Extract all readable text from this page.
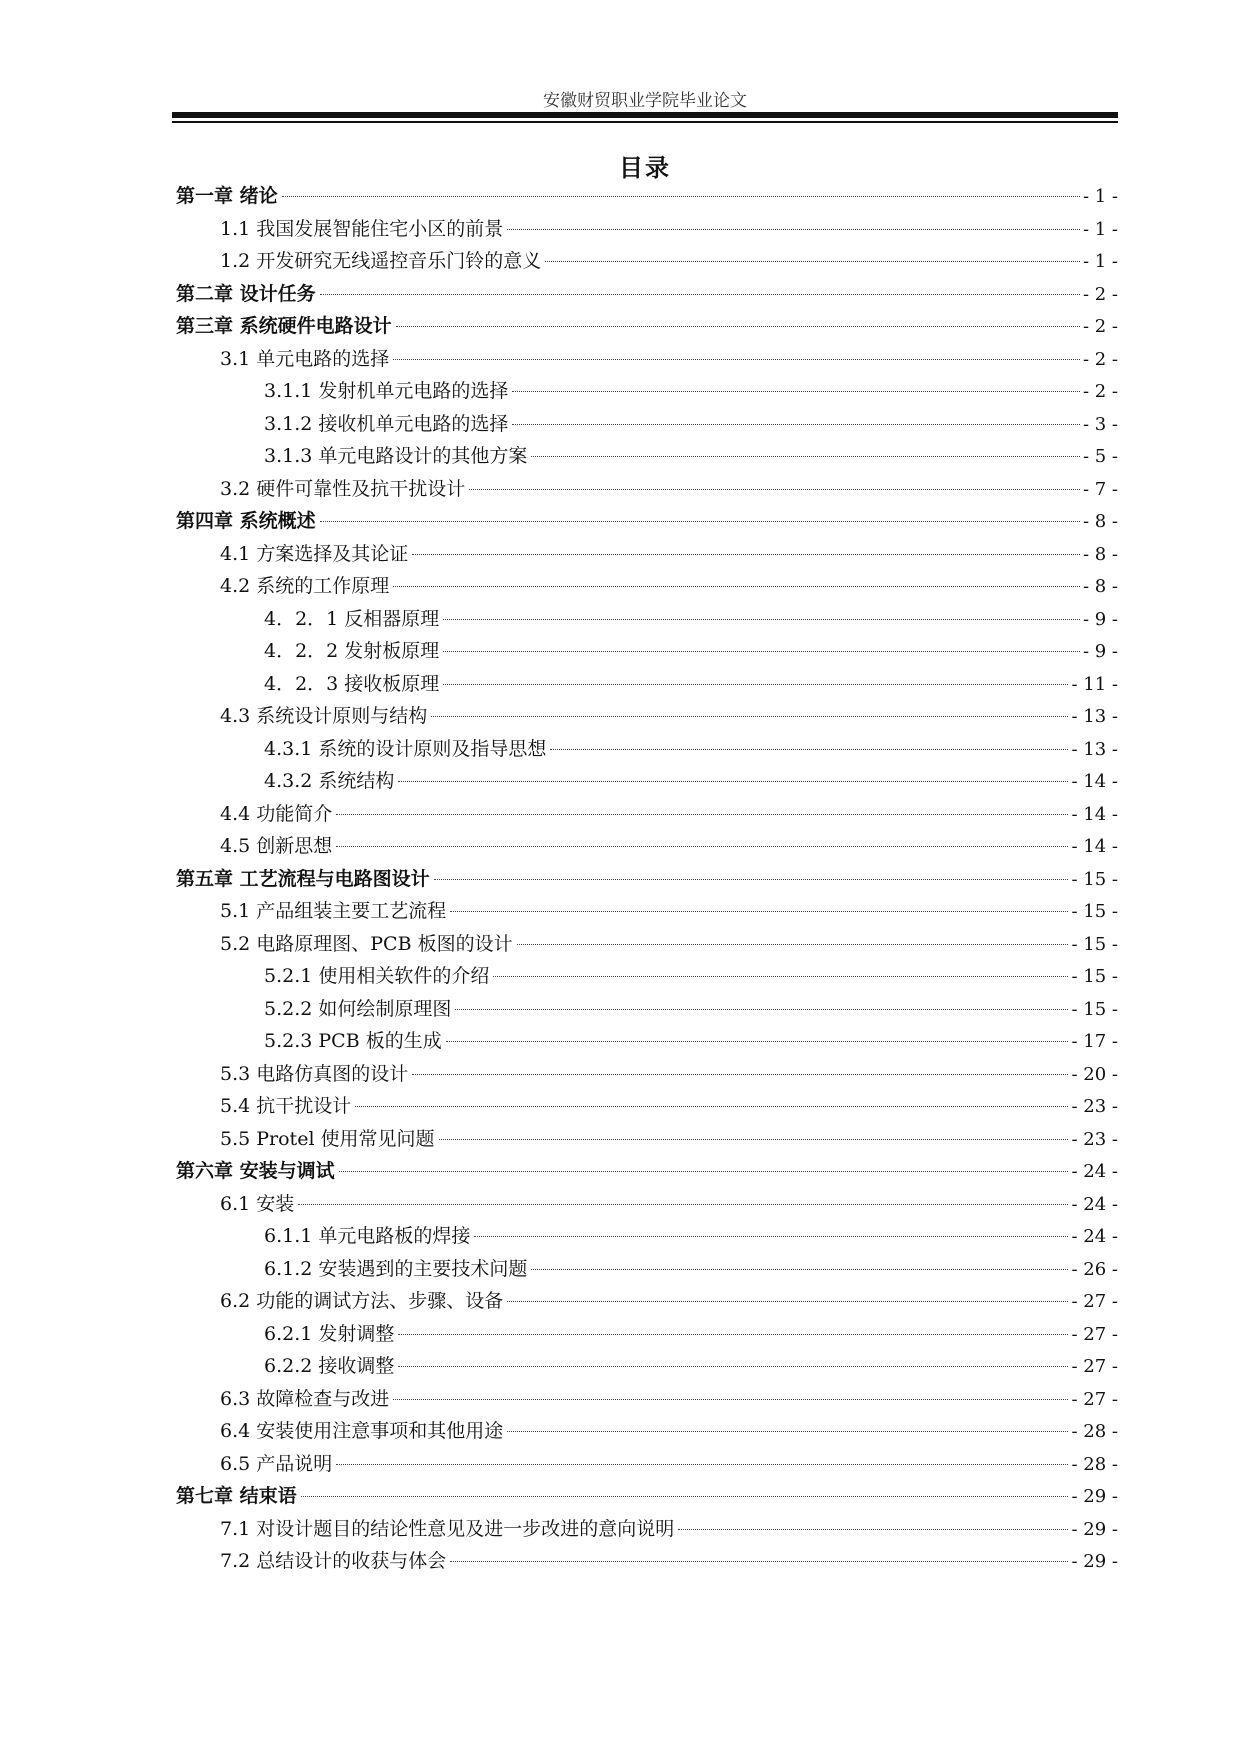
安徽财贸职业学院毕业论文
目录
第一章 绪论	- 1 -
1.1 我国发展智能住宅小区的前景	- 1 -
1.2 开发研究无线遥控音乐门铃的意义	- 1 -
第二章 设计任务	- 2 -
第三章 系统硬件电路设计	- 2 -
3.1 单元电路的选择	- 2 -
3.1.1 发射机单元电路的选择	- 2 -
3.1.2 接收机单元电路的选择	- 3 -
3.1.3 单元电路设计的其他方案	- 5 -
3.2 硬件可靠性及抗干扰设计	- 7 -
第四章 系统概述	- 8 -
4.1 方案选择及其论证	- 8 -
4.2 系统的工作原理	- 8 -
4．2．1 反相器原理	- 9 -
4．2．2 发射板原理	- 9 -
4．2．3 接收板原理	- 11 -
4.3 系统设计原则与结构	- 13 -
4.3.1 系统的设计原则及指导思想	- 13 -
4.3.2 系统结构	- 14 -
4.4 功能简介	- 14 -
4.5 创新思想	- 14 -
第五章 工艺流程与电路图设计	- 15 -
5.1 产品组装主要工艺流程	- 15 -
5.2 电路原理图、PCB 板图的设计	- 15 -
5.2.1 使用相关软件的介绍	- 15 -
5.2.2 如何绘制原理图	- 15 -
5.2.3 PCB 板的生成	- 17 -
5.3 电路仿真图的设计	- 20 -
5.4 抗干扰设计	- 23 -
5.5 Protel 使用常见问题	- 23 -
第六章 安装与调试	- 24 -
6.1 安装	- 24 -
6.1.1 单元电路板的焊接	- 24 -
6.1.2 安装遇到的主要技术问题	- 26 -
6.2 功能的调试方法、步骤、设备	- 27 -
6.2.1 发射调整	- 27 -
6.2.2 接收调整	- 27 -
6.3 故障检查与改进	- 27 -
6.4 安装使用注意事项和其他用途	- 28 -
6.5 产品说明	- 28 -
第七章 结束语	- 29 -
7.1 对设计题目的结论性意见及进一步改进的意向说明	- 29 -
7.2 总结设计的收获与体会	- 29 -
